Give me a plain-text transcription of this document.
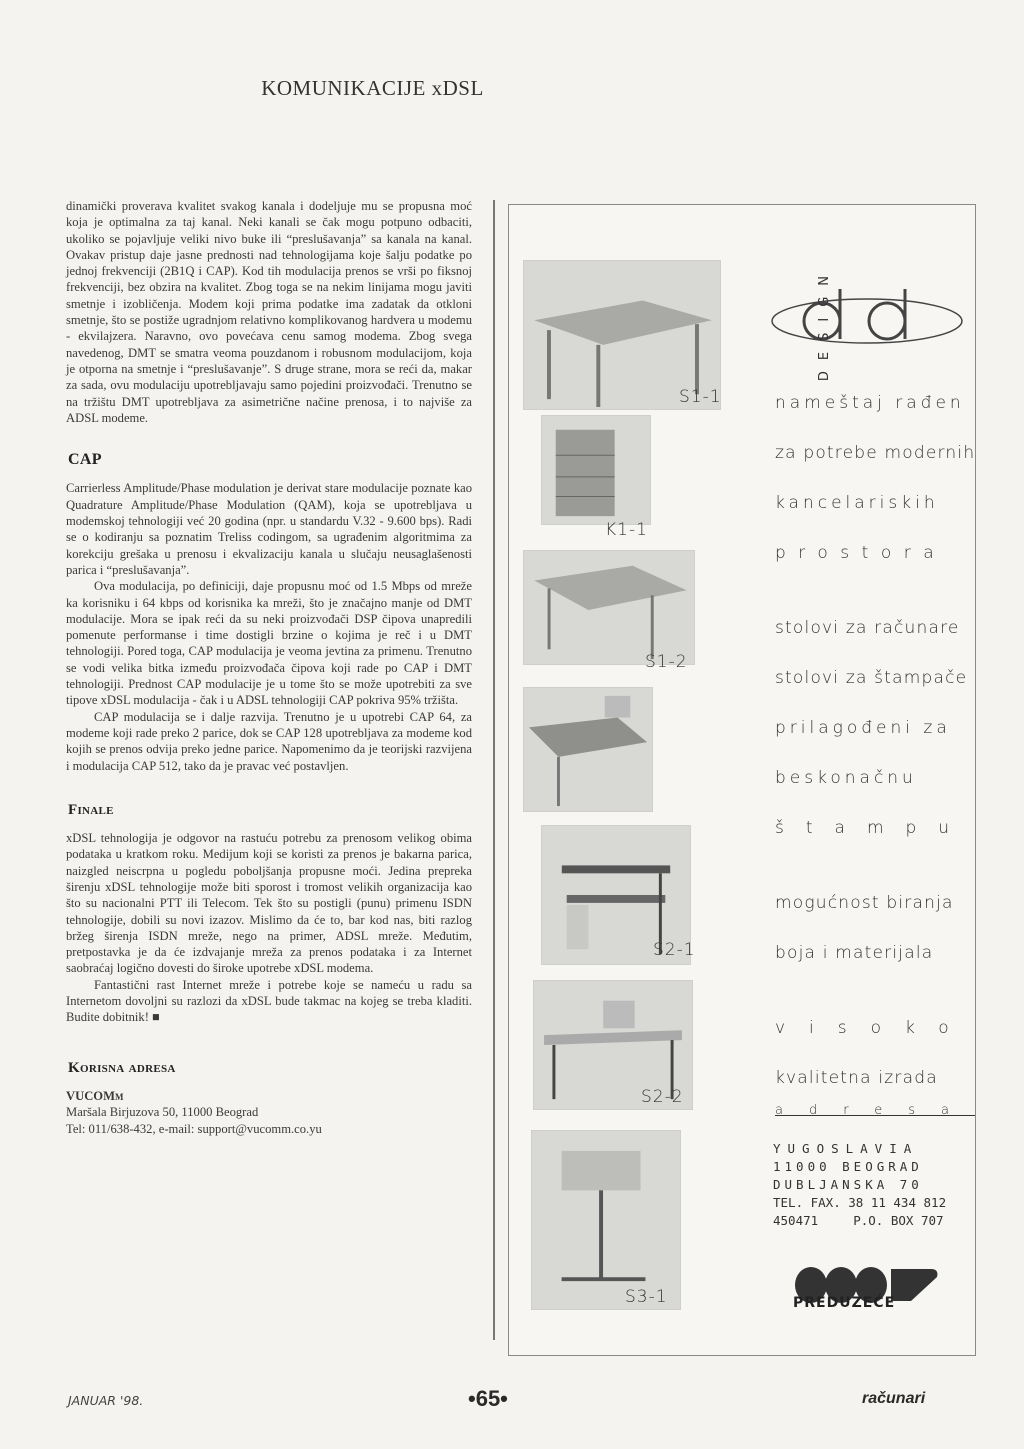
KOMUNIKACIJE xDSL

dinamički proverava kvalitet svakog kanala i dodeljuje mu se propusna moć koja je optimalna za taj kanal. Neki kanali se čak mogu potpuno odbaciti, ukoliko se pojavljuje veliki nivo buke ili “preslušavanja” sa kanala na kanal. Ovakav pristup daje jasne prednosti nad tehnologijama koje šalju podatke po jednoj frekvenciji (2B1Q i CAP). Kod tih modulacija prenos se vrši po fiksnoj frekvenciji, bez obzira na kvalitet. Zbog toga se na nekim linijama mogu javiti smetnje i izobličenja. Modem koji prima podatke ima zadatak da otkloni smetnje, što se postiže ugradnjom relativno komplikovanog hardvera u modemu - ekvilajzera. Naravno, ovo povećava cenu samog modema. Zbog svega navedenog, DMT se smatra veoma pouzdanom i robusnom modulacijom, koja je otporna na smetnje i “preslušavanje”. S druge strane, mora se reći da, makar za sada, ovu modulaciju upotrebljavaju samo pojedini proizvođači. Trenutno se na tržištu DMT upotrebljava za asimetrične načine prenosa, i to najviše za ADSL modeme.

CAP

Carrierless Amplitude/Phase modulation je derivat stare modulacije poznate kao Quadrature Amplitude/Phase Modulation (QAM), koja se upotrebljava u modemskoj tehnologiji već 20 godina (npr. u standardu V.32 - 9.600 bps). Radi se o kodiranju sa poznatim Treliss codingom, sa ugrađenim algoritmima za korekciju grešaka u prenosu i ekvalizaciju kanala u slučaju neusaglašenosti parica i “preslušavanja”.

Ova modulacija, po definiciji, daje propusnu moć od 1.5 Mbps od mreže ka korisniku i 64 kbps od korisnika ka mreži, što je značajno manje od DMT modulacije. Mora se ipak reći da su neki proizvođači DSP čipova unapredili pomenute performanse i time dostigli brzine o kojima je reč i u DMT tehnologiji. Pored toga, CAP modulacija je veoma jevtina za primenu. Trenutno se vodi velika bitka između proizvođača čipova koji rade po CAP i DMT tehnologiji. Prednost CAP modulacije je u tome što se može upotrebiti za sve tipove xDSL modulacija - čak i u ADSL tehnologiji CAP pokriva 95% tržišta.

CAP modulacija se i dalje razvija. Trenutno je u upotrebi CAP 64, za modeme koji rade preko 2 parice, dok se CAP 128 upotrebljava za modeme kod kojih se prenos odvija preko jedne parice. Napomenimo da je teorijski razvijena i modulacija CAP 512, tako da je pravac već postavljen.

Finale

xDSL tehnologija je odgovor na rastuću potrebu za prenosom velikog obima podataka u kratkom roku. Medijum koji se koristi za prenos je bakarna parica, naizgled neiscrpna u pogledu poboljšanja propusne moći. Jedina prepreka širenju xDSL tehnologije može biti sporost i tromost velikih organizacija kao što su nacionalni PTT ili Telecom. Tek što su postigli (punu) primenu ISDN tehnologije, dobili su novi izazov. Mislimo da će to, bar kod nas, biti razlog bržeg širenja ISDN mreže, nego na primer, ADSL mreže. Međutim, pretpostavka je da će izdvajanje mreža za prenos podataka i za Internet saobraćaj logično dovesti do široke upotrebe xDSL modema.

Fantastični rast Internet mreže i potrebe koje se nameću u radu sa Internetom dovoljni su razlozi da xDSL bude takmac na kojeg se treba kladiti. Budite dobitnik! ■

Korisna adresa
VUCOMm
Maršala Birjuzova 50, 11000 Beograd
Tel: 011/638-432, e-mail: support@vucomm.co.yu
S1-1
K1-1
S1-2
S2-1
S2-2
S3-1
DESIGN
nameštaj rađen
za potrebe modernih
kancelariskih
prostora
stolovi za računare
stolovi za štampače
prilagođeni za
beskonačnu
štampu
mogućnost biranja
boja i materijala
visoko
kvalitetna izrada
adresa
YUGOSLAVIA
11000 BEOGRAD
DUBLJANSKA 70
TEL. FAX. 38 11 434 812
450471	P.O. BOX 707
PREDUZEĆE
JANUAR '98.	•65•	računari
